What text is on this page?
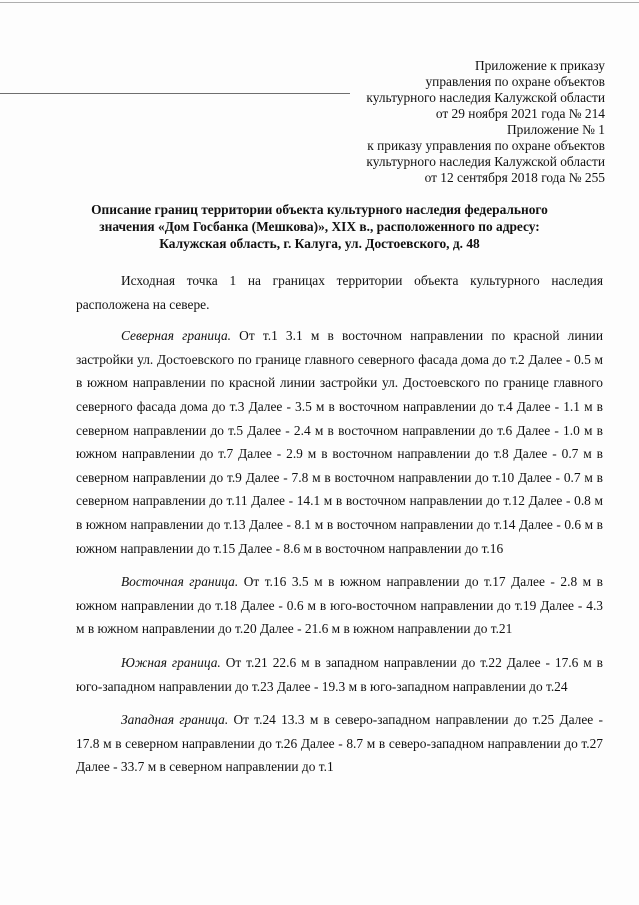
Приложение к приказу
управления по охране объектов
культурного наследия Калужской области
от 29 ноября 2021 года № 214
Приложение № 1
к приказу управления по охране объектов
культурного наследия Калужской области
от 12 сентября 2018 года № 255
Описание границ территории объекта культурного наследия федерального
значения «Дом Госбанка (Мешкова)», XIX в., расположенного по адресу:
Калужская область, г. Калуга, ул. Достоевского, д. 48

Исходная точка 1 на границах территории объекта культурного наследия расположена на севере.

Северная граница. От т.1 3.1 м в восточном направлении по красной линии застройки ул. Достоевского по границе главного северного фасада дома до т.2 Далее - 0.5 м в южном направлении по красной линии застройки ул. Достоевского по границе главного северного фасада дома до т.3 Далее - 3.5 м в восточном направлении до т.4 Далее - 1.1 м в северном направлении до т.5 Далее - 2.4 м в восточном направлении до т.6 Далее - 1.0 м в южном направлении до т.7 Далее - 2.9 м в восточном направлении до т.8 Далее - 0.7 м в северном направлении до т.9 Далее - 7.8 м в восточном направлении до т.10 Далее - 0.7 м в северном направлении до т.11 Далее - 14.1 м в восточном направлении до т.12 Далее - 0.8 м в южном направлении до т.13 Далее - 8.1 м в восточном направлении до т.14 Далее - 0.6 м в южном направлении до т.15 Далее - 8.6 м в восточном направлении до т.16

Восточная граница. От т.16 3.5 м в южном направлении до т.17 Далее - 2.8 м в южном направлении до т.18 Далее - 0.6 м в юго-восточном направлении до т.19 Далее - 4.3 м в южном направлении до т.20 Далее - 21.6 м в южном направлении до т.21

Южная граница. От т.21 22.6 м в западном направлении до т.22 Далее - 17.6 м в юго-западном направлении до т.23 Далее - 19.3 м в юго-западном направлении до т.24

Западная граница. От т.24 13.3 м в северо-западном направлении до т.25 Далее - 17.8 м в северном направлении до т.26 Далее - 8.7 м в северо-западном направлении до т.27 Далее - 33.7 м в северном направлении до т.1
